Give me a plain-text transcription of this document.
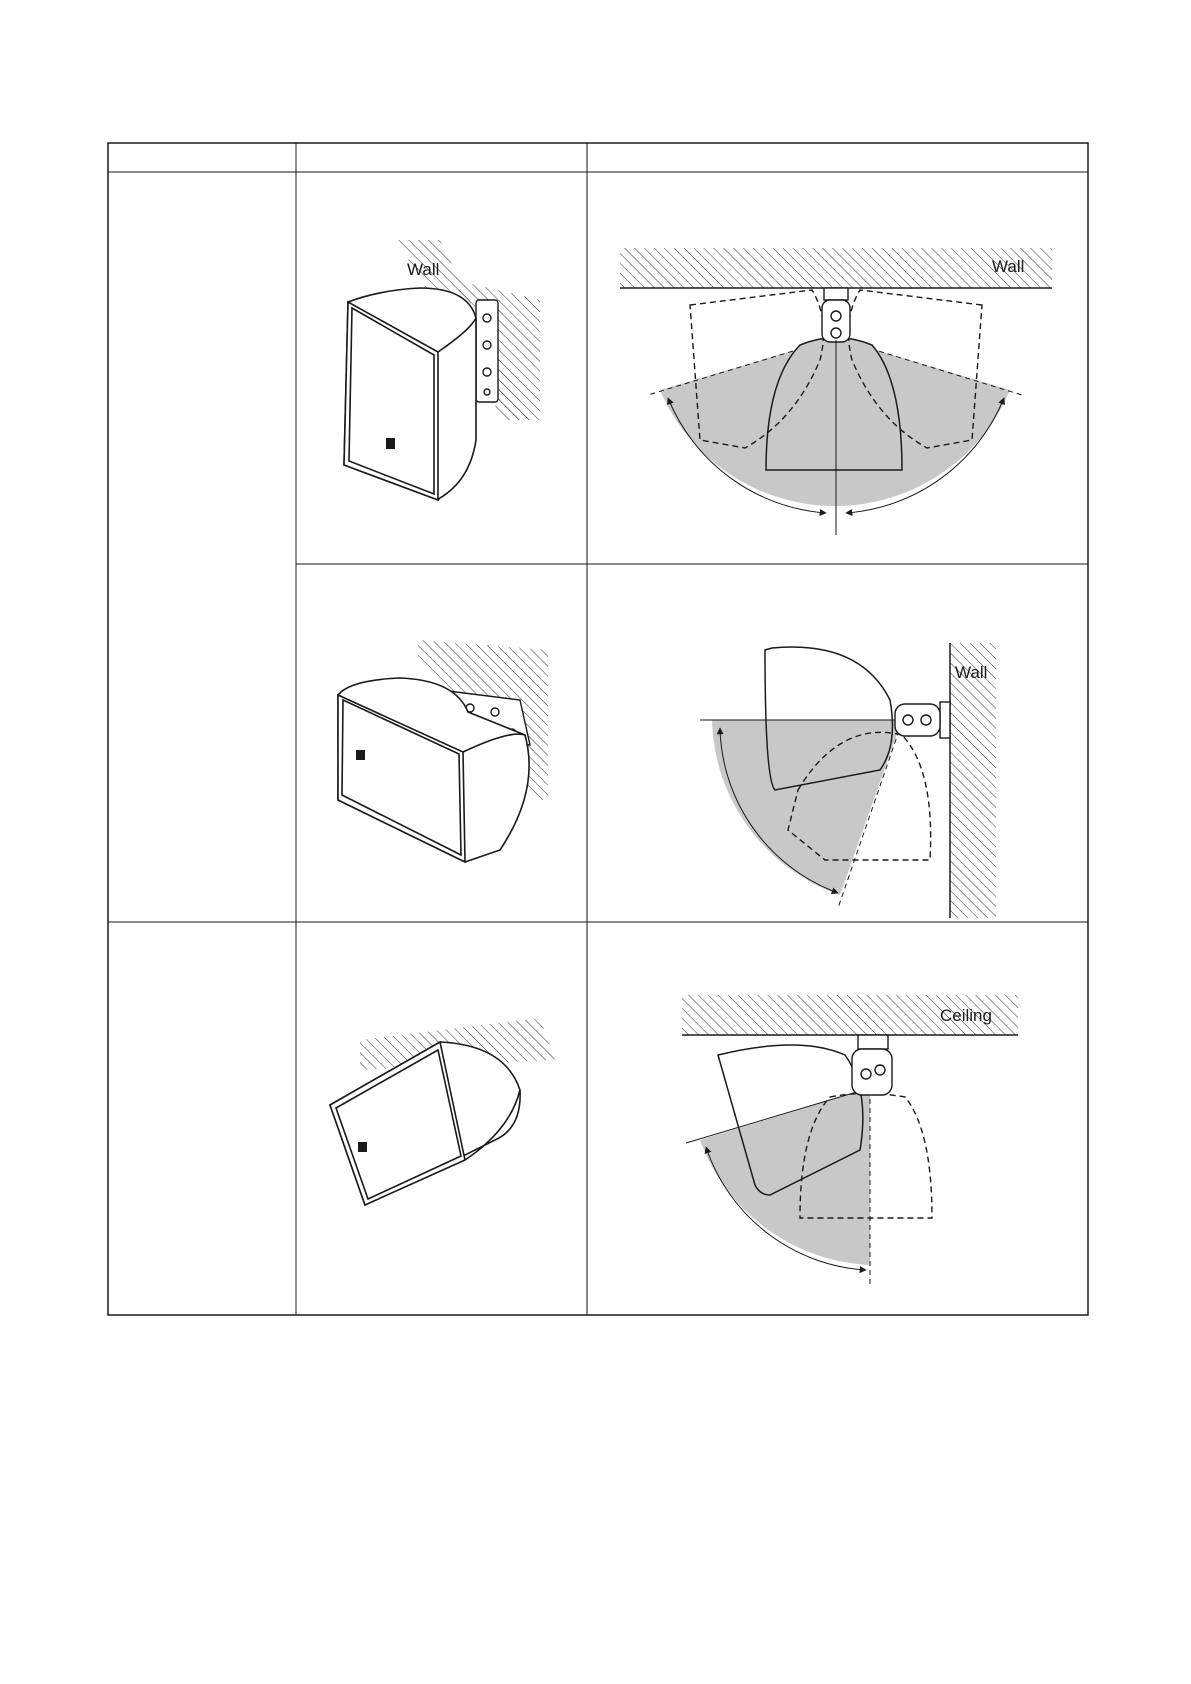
Wall	Wall
Wall
Ceiling
